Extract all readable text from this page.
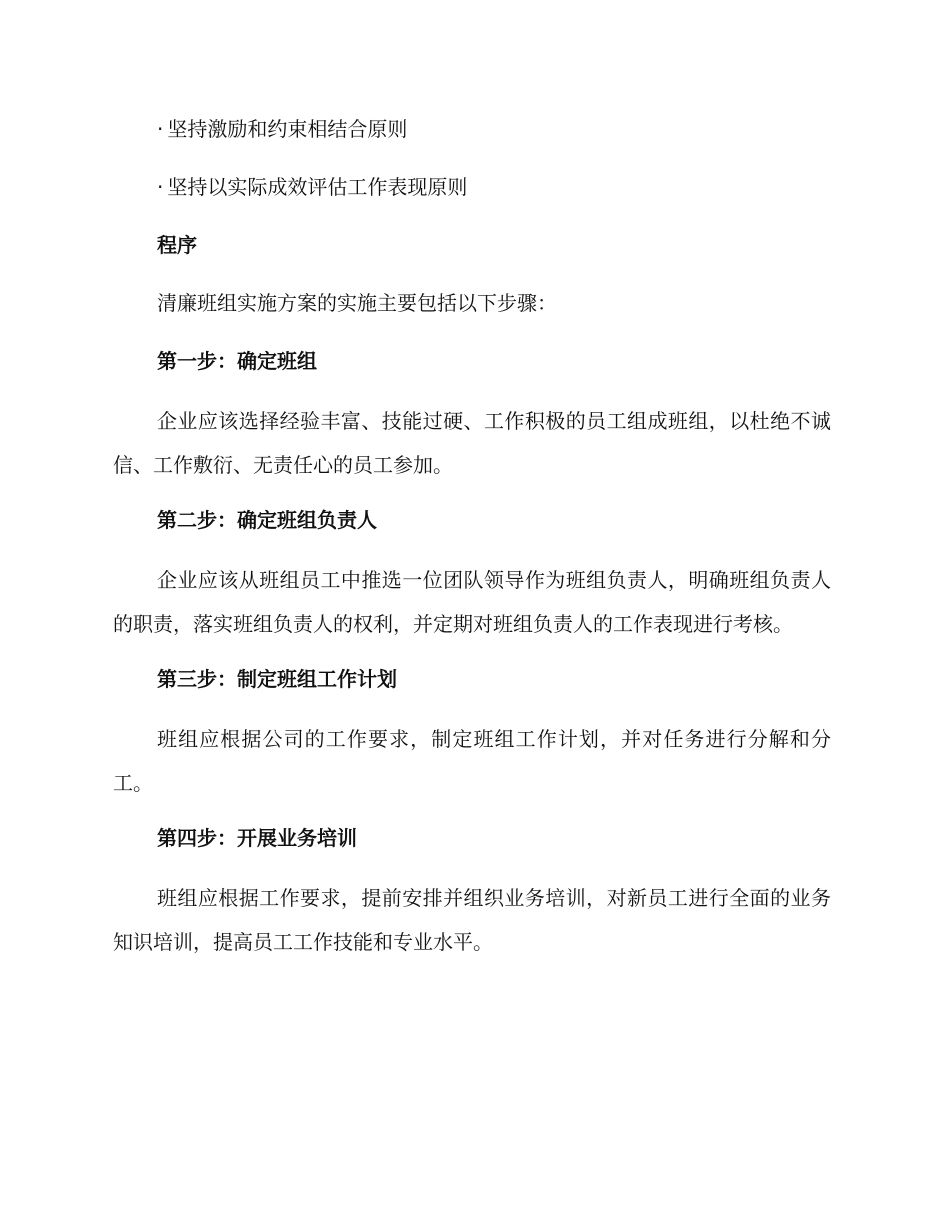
· 坚持激励和约束相结合原则
· 坚持以实际成效评估工作表现原则
程序

清廉班组实施方案的实施主要包括以下步骤：

第一步：确定班组

企业应该选择经验丰富、技能过硬、工作积极的员工组成班组，以杜绝不诚信、工作敷衍、无责任心的员工参加。

第二步：确定班组负责人

企业应该从班组员工中推选一位团队领导作为班组负责人，明确班组负责人的职责，落实班组负责人的权利，并定期对班组负责人的工作表现进行考核。

第三步：制定班组工作计划

班组应根据公司的工作要求，制定班组工作计划，并对任务进行分解和分工。

第四步：开展业务培训

班组应根据工作要求，提前安排并组织业务培训，对新员工进行全面的业务知识培训，提高员工工作技能和专业水平。
